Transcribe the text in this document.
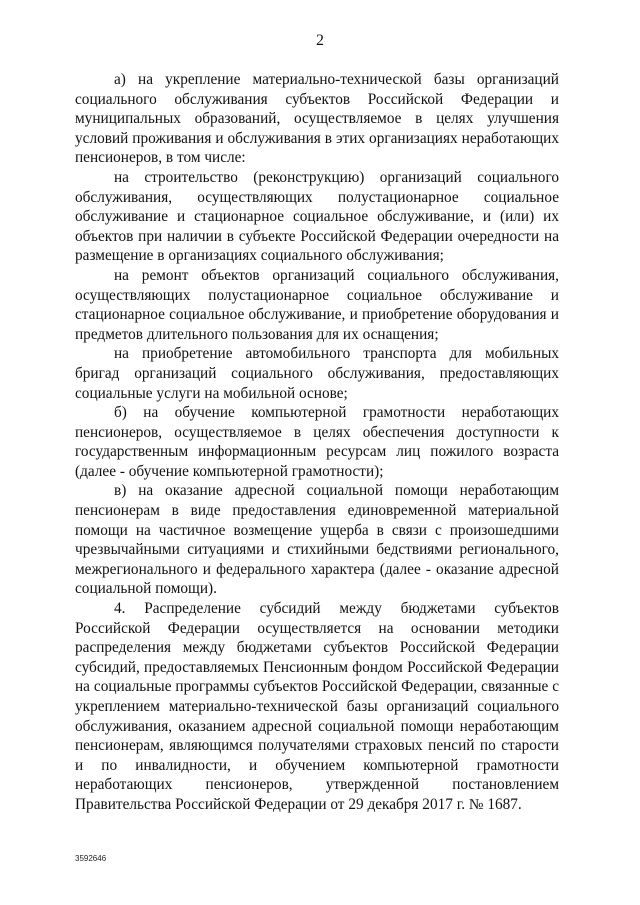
2

а) на укрепление материально-технической базы организаций социального обслуживания субъектов Российской Федерации и муниципальных образований, осуществляемое в целях улучшения условий проживания и обслуживания в этих организациях неработающих пенсионеров, в том числе:

на строительство (реконструкцию) организаций социального обслуживания, осуществляющих полустационарное социальное обслуживание и стационарное социальное обслуживание, и (или) их объектов при наличии в субъекте Российской Федерации очередности на размещение в организациях социального обслуживания;

на ремонт объектов организаций социального обслуживания, осуществляющих полустационарное социальное обслуживание и стационарное социальное обслуживание, и приобретение оборудования и предметов длительного пользования для их оснащения;

на приобретение автомобильного транспорта для мобильных бригад организаций социального обслуживания, предоставляющих социальные услуги на мобильной основе;

б) на обучение компьютерной грамотности неработающих пенсионеров, осуществляемое в целях обеспечения доступности к государственным информационным ресурсам лиц пожилого возраста (далее - обучение компьютерной грамотности);

в) на оказание адресной социальной помощи неработающим пенсионерам в виде предоставления единовременной материальной помощи на частичное возмещение ущерба в связи с произошедшими чрезвычайными ситуациями и стихийными бедствиями регионального, межрегионального и федерального характера (далее - оказание адресной социальной помощи).

4. Распределение субсидий между бюджетами субъектов Российской Федерации осуществляется на основании методики распределения между бюджетами субъектов Российской Федерации субсидий, предоставляемых Пенсионным фондом Российской Федерации на социальные программы субъектов Российской Федерации, связанные с укреплением материально-технической базы организаций социального обслуживания, оказанием адресной социальной помощи неработающим пенсионерам, являющимся получателями страховых пенсий по старости и по инвалидности, и обучением компьютерной грамотности неработающих пенсионеров, утвержденной постановлением Правительства Российской Федерации от 29 декабря 2017 г. № 1687.

3592646
